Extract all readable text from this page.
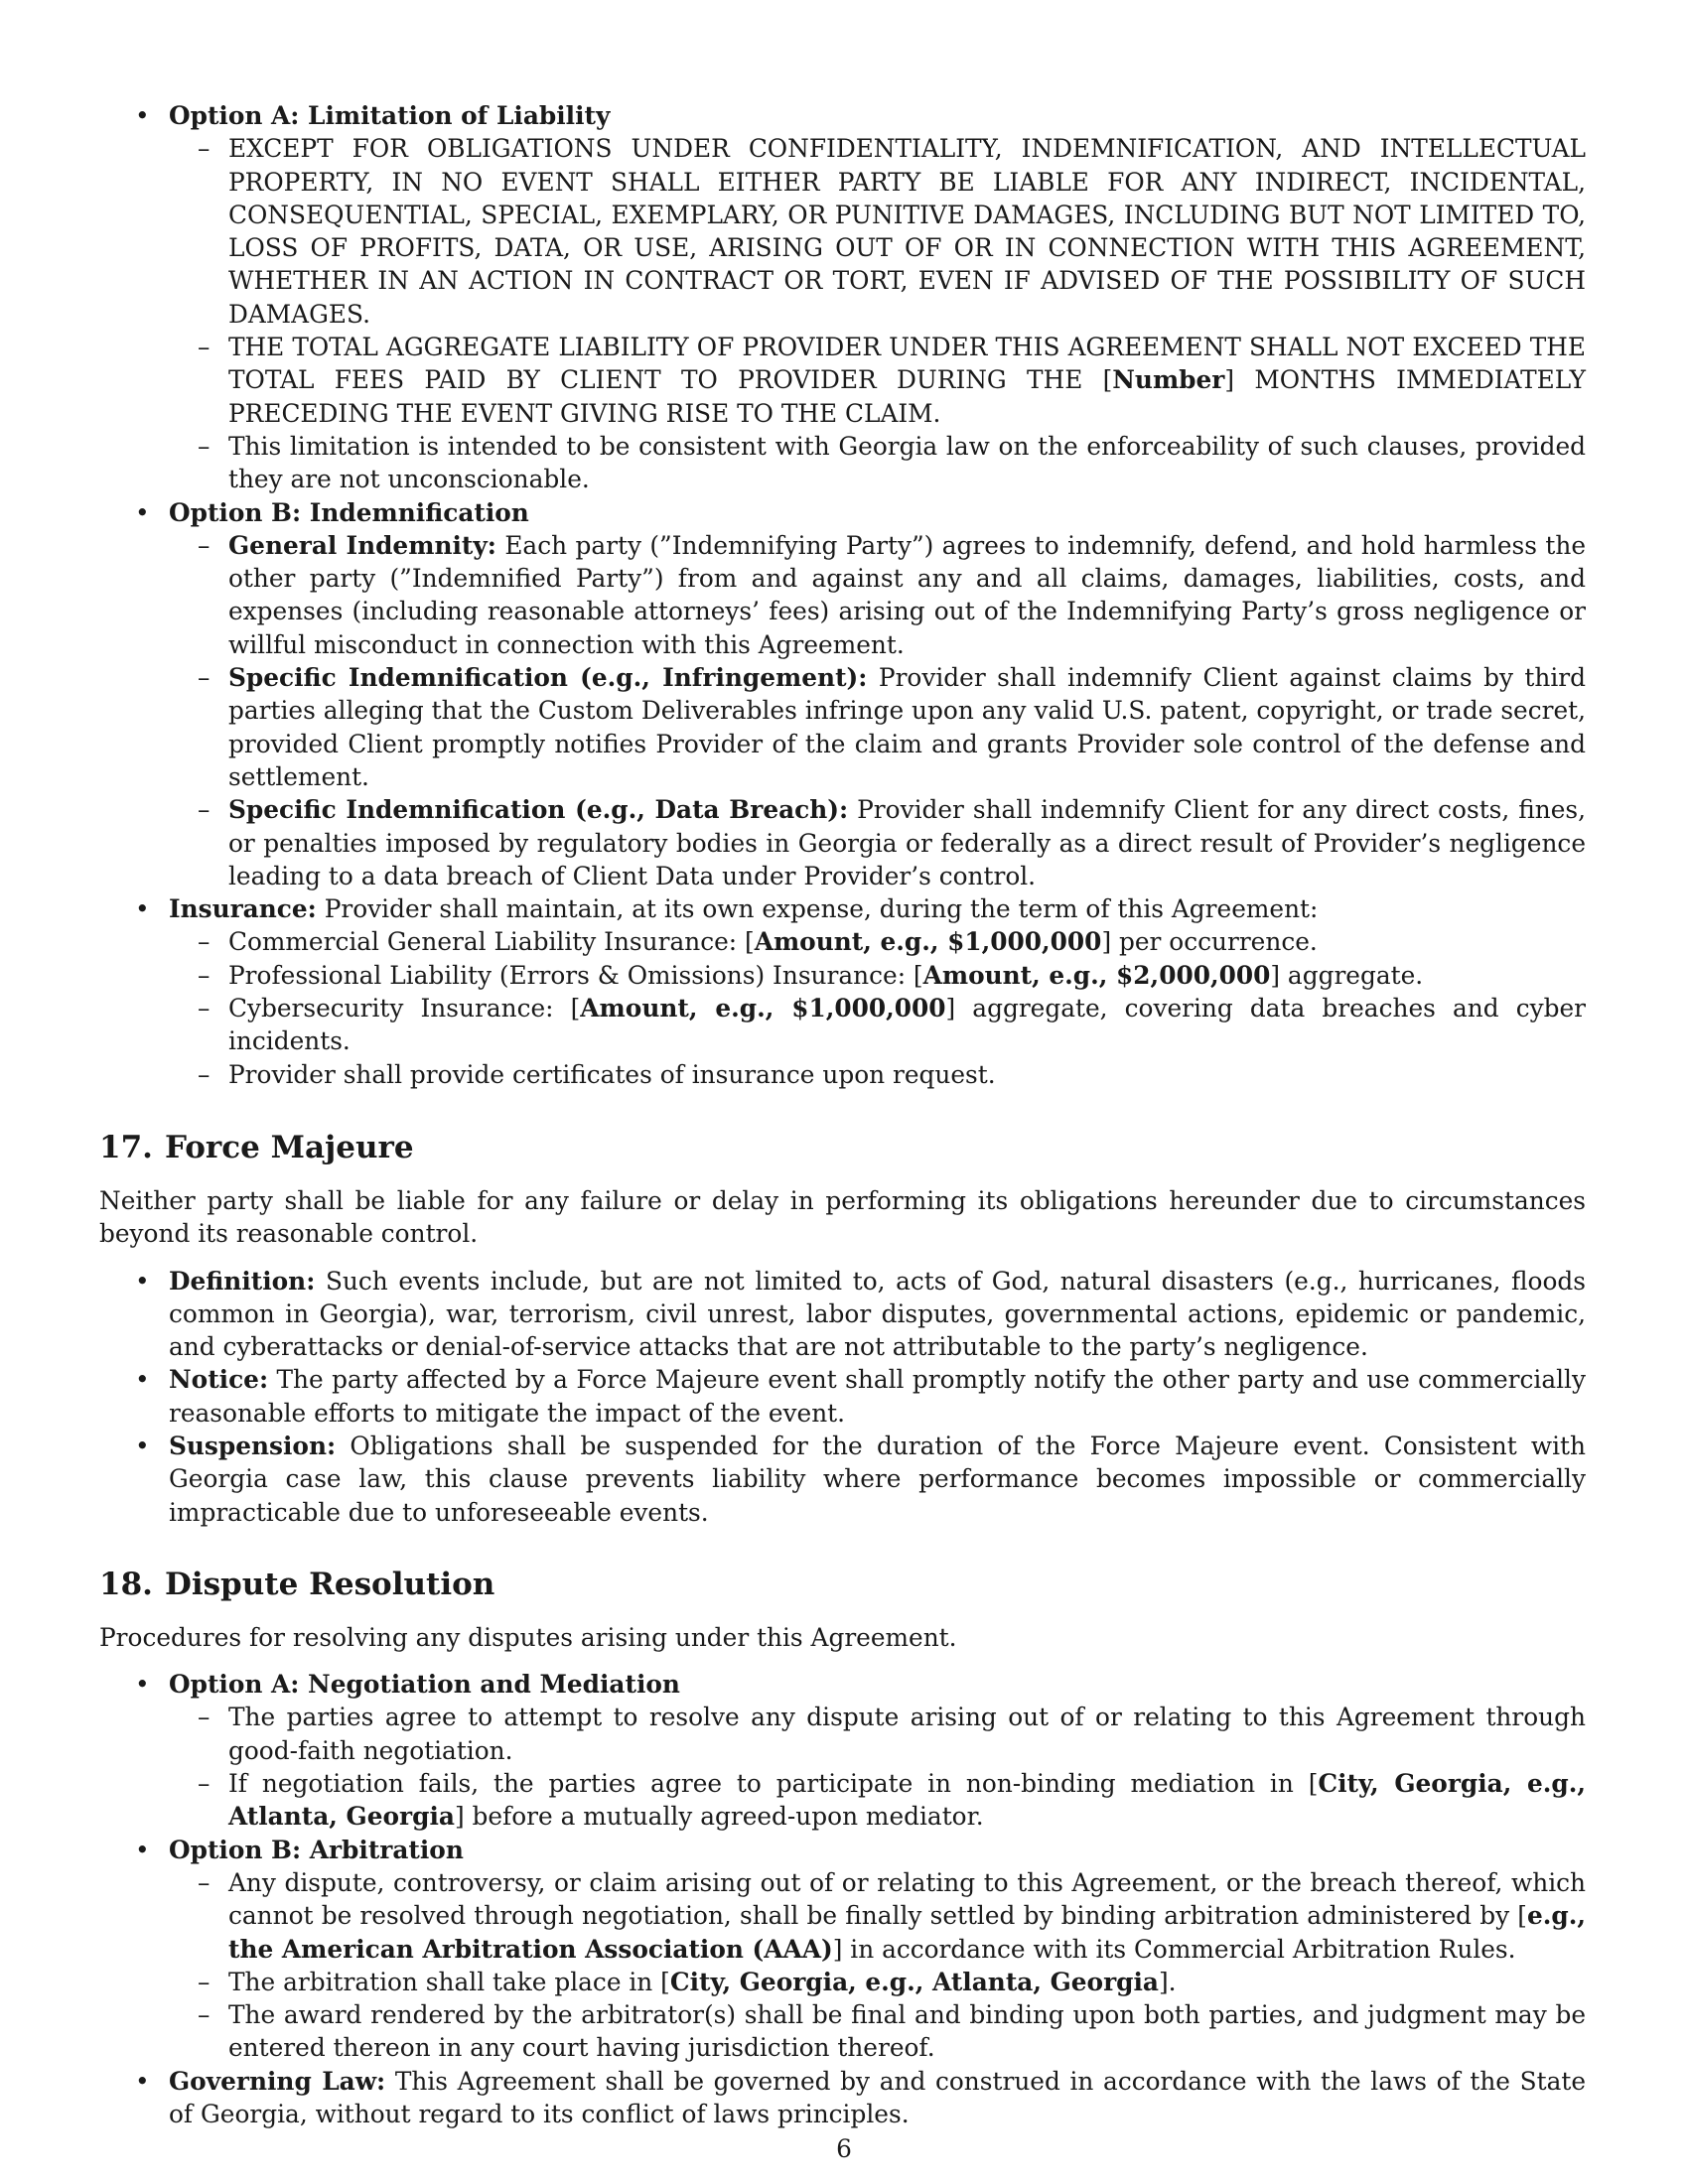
• Option A: Limitation of Liability
– EXCEPT FOR OBLIGATIONS UNDER CONFIDENTIALITY, INDEMNIFICATION, AND INTELLECTUAL PROPERTY, IN NO EVENT SHALL EITHER PARTY BE LIABLE FOR ANY INDIRECT, INCIDENTAL, CONSEQUENTIAL, SPECIAL, EXEMPLARY, OR PUNITIVE DAMAGES, INCLUDING BUT NOT LIMITED TO, LOSS OF PROFITS, DATA, OR USE, ARISING OUT OF OR IN CONNECTION WITH THIS AGREEMENT, WHETHER IN AN ACTION IN CONTRACT OR TORT, EVEN IF ADVISED OF THE POSSIBILITY OF SUCH DAMAGES.
– THE TOTAL AGGREGATE LIABILITY OF PROVIDER UNDER THIS AGREEMENT SHALL NOT EXCEED THE TOTAL FEES PAID BY CLIENT TO PROVIDER DURING THE [Number] MONTHS IMMEDIATELY PRECEDING THE EVENT GIVING RISE TO THE CLAIM.
– This limitation is intended to be consistent with Georgia law on the enforceability of such clauses, provided they are not unconscionable.
• Option B: Indemnification
– General Indemnity: Each party (”Indemnifying Party”) agrees to indemnify, defend, and hold harmless the other party (”Indemnified Party”) from and against any and all claims, damages, liabilities, costs, and expenses (including reasonable attorneys’ fees) arising out of the Indemnifying Party’s gross negligence or willful misconduct in connection with this Agreement.
– Specific Indemnification (e.g., Infringement): Provider shall indemnify Client against claims by third parties alleging that the Custom Deliverables infringe upon any valid U.S. patent, copyright, or trade secret, provided Client promptly notifies Provider of the claim and grants Provider sole control of the defense and settlement.
– Specific Indemnification (e.g., Data Breach): Provider shall indemnify Client for any direct costs, fines, or penalties imposed by regulatory bodies in Georgia or federally as a direct result of Provider’s negligence leading to a data breach of Client Data under Provider’s control.
• Insurance: Provider shall maintain, at its own expense, during the term of this Agreement:
– Commercial General Liability Insurance: [Amount, e.g., $1,000,000] per occurrence.
– Professional Liability (Errors & Omissions) Insurance: [Amount, e.g., $2,000,000] aggregate.
– Cybersecurity Insurance: [Amount, e.g., $1,000,000] aggregate, covering data breaches and cyber incidents.
– Provider shall provide certificates of insurance upon request.
17. Force Majeure

Neither party shall be liable for any failure or delay in performing its obligations hereunder due to circumstances beyond its reasonable control.

• Definition: Such events include, but are not limited to, acts of God, natural disasters (e.g., hurricanes, floods common in Georgia), war, terrorism, civil unrest, labor disputes, governmental actions, epidemic or pandemic, and cyberattacks or denial-of-service attacks that are not attributable to the party’s negligence.
• Notice: The party affected by a Force Majeure event shall promptly notify the other party and use commercially reasonable efforts to mitigate the impact of the event.
• Suspension: Obligations shall be suspended for the duration of the Force Majeure event. Consistent with Georgia case law, this clause prevents liability where performance becomes impossible or commercially impracticable due to unforeseeable events.
18. Dispute Resolution

Procedures for resolving any disputes arising under this Agreement.

• Option A: Negotiation and Mediation
– The parties agree to attempt to resolve any dispute arising out of or relating to this Agreement through good-faith negotiation.
– If negotiation fails, the parties agree to participate in non-binding mediation in [City, Georgia, e.g., Atlanta, Georgia] before a mutually agreed-upon mediator.
• Option B: Arbitration
– Any dispute, controversy, or claim arising out of or relating to this Agreement, or the breach thereof, which cannot be resolved through negotiation, shall be finally settled by binding arbitration administered by [e.g., the American Arbitration Association (AAA)] in accordance with its Commercial Arbitration Rules.
– The arbitration shall take place in [City, Georgia, e.g., Atlanta, Georgia].
– The award rendered by the arbitrator(s) shall be final and binding upon both parties, and judgment may be entered thereon in any court having jurisdiction thereof.
• Governing Law: This Agreement shall be governed by and construed in accordance with the laws of the State of Georgia, without regard to its conflict of laws principles.
6
